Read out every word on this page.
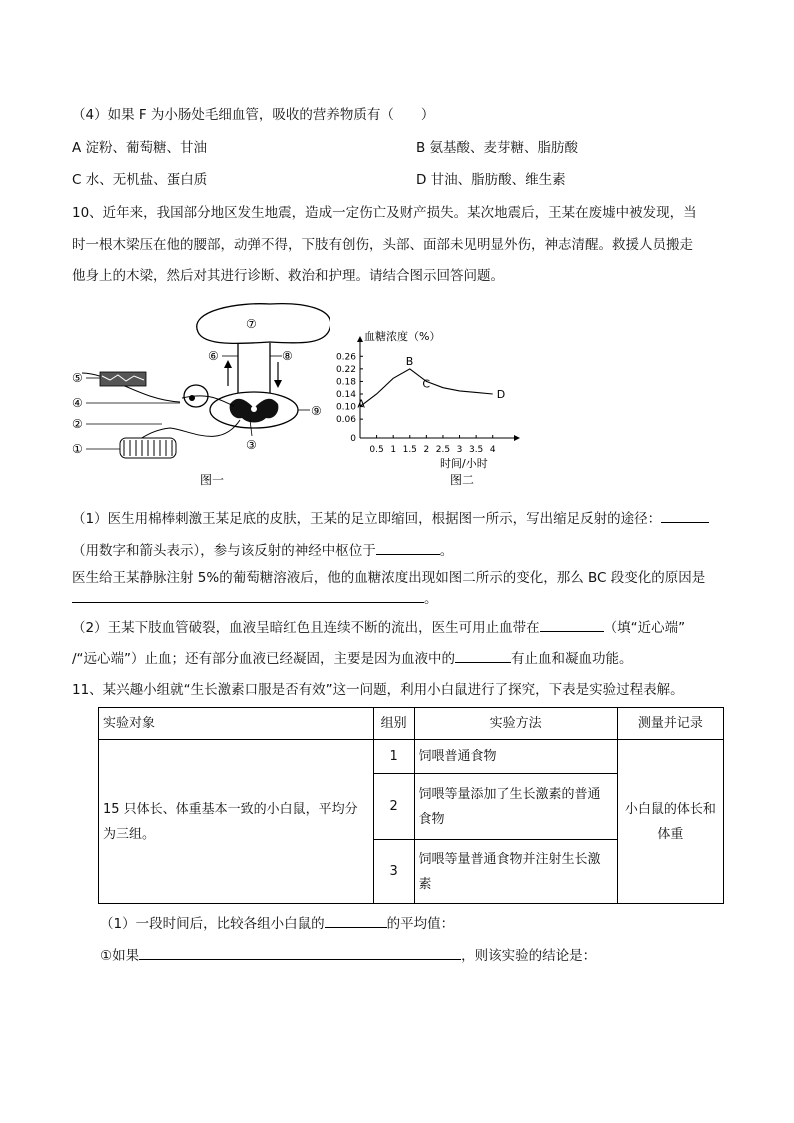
（4）如果 F 为小肠处毛细血管，吸收的营养物质有（　　）
A 淀粉、葡萄糖、甘油	B 氨基酸、麦芽糖、脂肪酸
C 水、无机盐、蛋白质	D 甘油、脂肪酸、维生素
10、近年来，我国部分地区发生地震，造成一定伤亡及财产损失。某次地震后，王某在废墟中被发现，当
时一根木梁压在他的腰部，动弹不得，下肢有创伤，头部、面部未见明显外伤，神志清醒。救援人员搬走
他身上的木梁，然后对其进行诊断、救治和护理。请结合图示回答问题。
⑦
⑥	⑧
⑨
⑤
④
②
①	③
图一
血糖浓度（%）
时间/小时
图二
0
0.06
0.10
0.14
0.18
0.22
0.26
0.5 1 1.5 2 2.5 3 3.5 4
A
B
C
D
（1）医生用棉棒刺激王某足底的皮肤，王某的足立即缩回，根据图一所示，写出缩足反射的途径：
（用数字和箭头表示），参与该反射的神经中枢位于	。
医生给王某静脉注射 5%的葡萄糖溶液后，他的血糖浓度出现如图二所示的变化，那么 BC 段变化的原因是
。
（2）王某下肢血管破裂，血液呈暗红色且连续不断的流出，医生可用止血带在	（填“近心端”
/“远心端”）止血；还有部分血液已经凝固，主要是因为血液中的	有止血和凝血功能。
11、某兴趣小组就“生长激素口服是否有效”这一问题，利用小白鼠进行了探究，下表是实验过程表解。
实验对象	组别	实验方法	测量并记录
15 只体长、体重基本一致的小白鼠，平均分为三组。	1	饲喂普通食物	小白鼠的体长和体重
	2	饲喂等量添加了生长激素的普通食物	
	3	饲喂等量普通食物并注射生长激素	
（1）一段时间后，比较各组小白鼠的	的平均值：
①如果	，则该实验的结论是：
